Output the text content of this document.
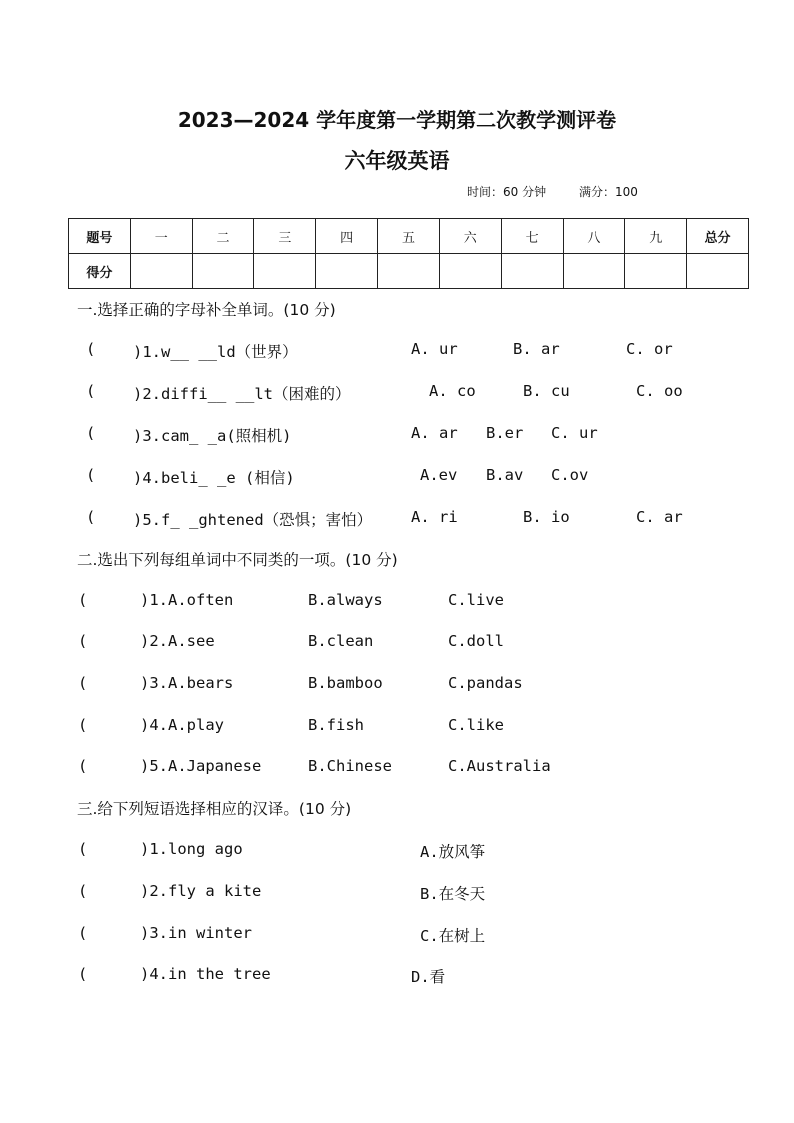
2023—2024 学年度第一学期第二次教学测评卷
六年级英语
时间：60 分钟	满分：100
题号	一	二	三	四	五	六	七	八	九	总分
得分										
一.选择正确的字母补全单词。(10 分)
( )1.w__ __ld（世界）	A. ur	B. ar	C. or
( )2.diffi__ __lt（困难的）	A. co	B. cu	C. oo
( )3.cam_ _a(照相机)	A. ar B.er C. ur
( )4.beli_ _e (相信)	A.ev B.av C.ov
( )5.f_ _ghtened（恐惧；害怕）	A. ri	B. io	C. ar
二.选出下列每组单词中不同类的一项。(10 分)
(	)1.A.often	B.always	C.live
(	)2.A.see	B.clean	C.doll
(	)3.A.bears	B.bamboo	C.pandas
(	)4.A.play	B.fish	C.like
(	)5.A.Japanese	B.Chinese	C.Australia
三.给下列短语选择相应的汉译。(10 分)
(	)1.long ago	A.放风筝
(	)2.fly a kite	B.在冬天
(	)3.in winter	C.在树上
(	)4.in the tree	D.看
